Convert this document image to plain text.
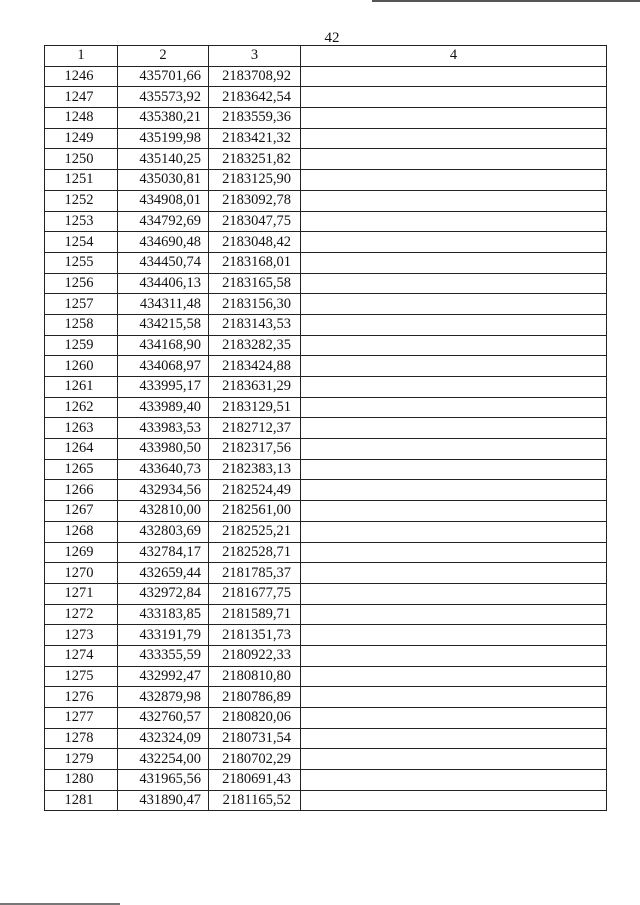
42
1	2	3	4
1246	435701,66	2183708,92	
1247	435573,92	2183642,54	
1248	435380,21	2183559,36	
1249	435199,98	2183421,32	
1250	435140,25	2183251,82	
1251	435030,81	2183125,90	
1252	434908,01	2183092,78	
1253	434792,69	2183047,75	
1254	434690,48	2183048,42	
1255	434450,74	2183168,01	
1256	434406,13	2183165,58	
1257	434311,48	2183156,30	
1258	434215,58	2183143,53	
1259	434168,90	2183282,35	
1260	434068,97	2183424,88	
1261	433995,17	2183631,29	
1262	433989,40	2183129,51	
1263	433983,53	2182712,37	
1264	433980,50	2182317,56	
1265	433640,73	2182383,13	
1266	432934,56	2182524,49	
1267	432810,00	2182561,00	
1268	432803,69	2182525,21	
1269	432784,17	2182528,71	
1270	432659,44	2181785,37	
1271	432972,84	2181677,75	
1272	433183,85	2181589,71	
1273	433191,79	2181351,73	
1274	433355,59	2180922,33	
1275	432992,47	2180810,80	
1276	432879,98	2180786,89	
1277	432760,57	2180820,06	
1278	432324,09	2180731,54	
1279	432254,00	2180702,29	
1280	431965,56	2180691,43	
1281	431890,47	2181165,52	
